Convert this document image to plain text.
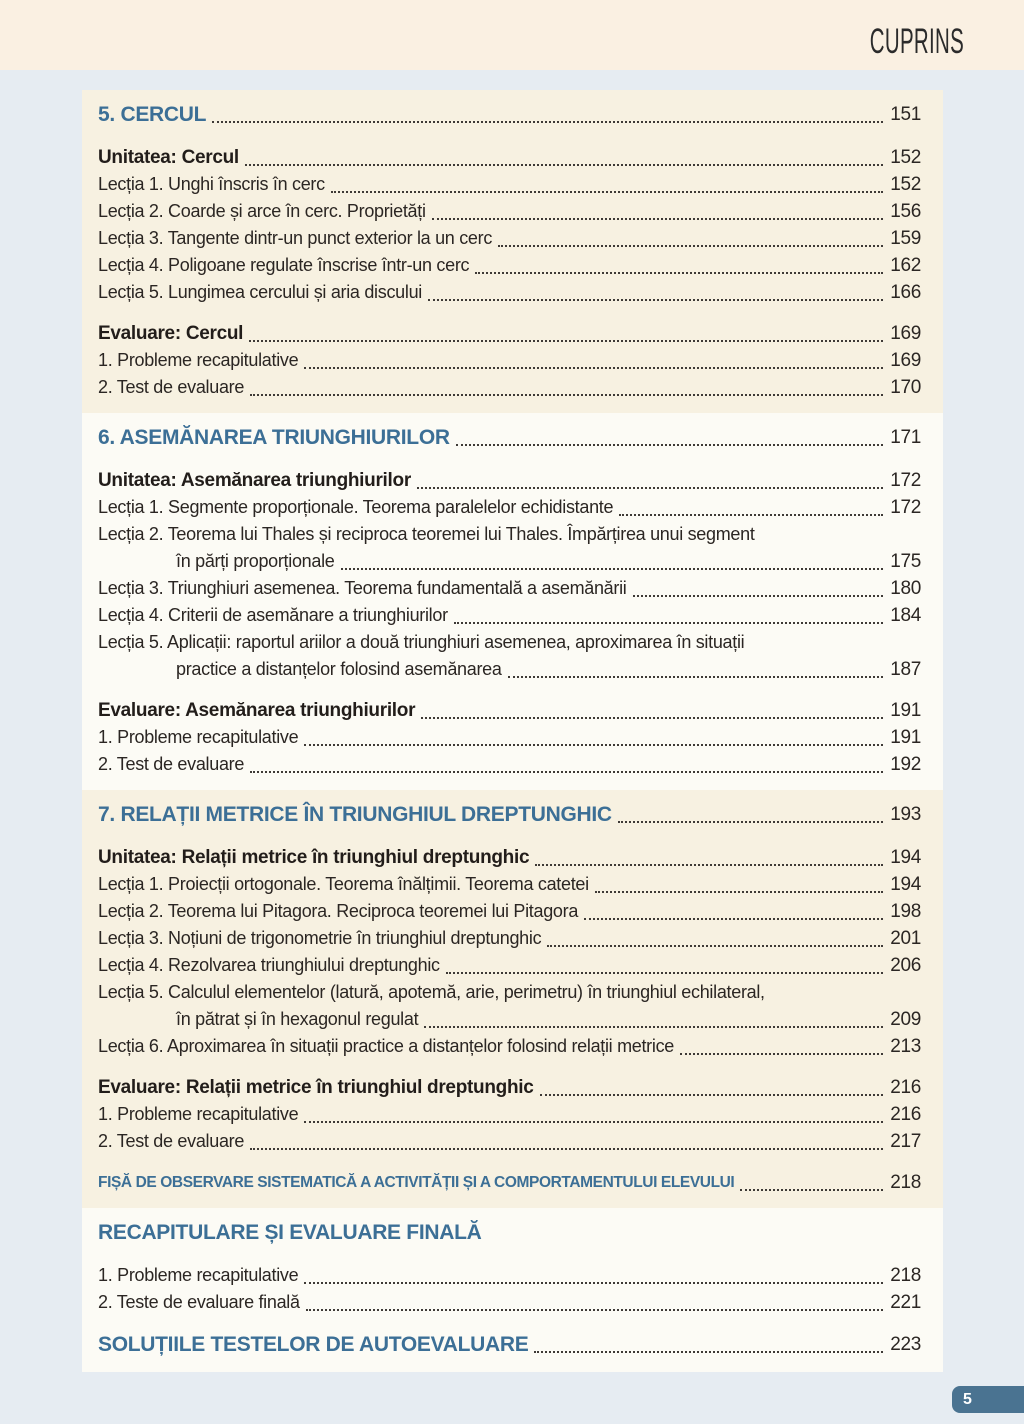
CUPRINS
5. CERCUL	151
Unitatea: Cercul	152
Lecția 1. Unghi înscris în cerc	152
Lecția 2. Coarde și arce în cerc. Proprietăți	156
Lecția 3. Tangente dintr-un punct exterior la un cerc	159
Lecția 4. Poligoane regulate înscrise într-un cerc	162
Lecția 5. Lungimea cercului și aria discului	166
Evaluare: Cercul	169
1. Probleme recapitulative	169
2. Test de evaluare	170
6. ASEMĂNAREA TRIUNGHIURILOR	171
Unitatea: Asemănarea triunghiurilor	172
Lecția 1. Segmente proporționale. Teorema paralelelor echidistante	172
Lecția 2. Teorema lui Thales și reciproca teoremei lui Thales. Împărțirea unui segment
în părți proporționale	175
Lecția 3. Triunghiuri asemenea. Teorema fundamentală a asemănării	180
Lecția 4. Criterii de asemănare a triunghiurilor	184
Lecția 5. Aplicații: raportul ariilor a două triunghiuri asemenea, aproximarea în situații
practice a distanțelor folosind asemănarea	187
Evaluare: Asemănarea triunghiurilor	191
1. Probleme recapitulative	191
2. Test de evaluare	192
7. RELAȚII METRICE ÎN TRIUNGHIUL DREPTUNGHIC	193
Unitatea: Relații metrice în triunghiul dreptunghic	194
Lecția 1. Proiecții ortogonale. Teorema înălțimii. Teorema catetei	194
Lecția 2. Teorema lui Pitagora. Reciproca teoremei lui Pitagora	198
Lecția 3. Noțiuni de trigonometrie în triunghiul dreptunghic	201
Lecția 4. Rezolvarea triunghiului dreptunghic	206
Lecția 5. Calculul elementelor (latură, apotemă, arie, perimetru) în triunghiul echilateral,
în pătrat și în hexagonul regulat	209
Lecția 6. Aproximarea în situații practice a distanțelor folosind relații metrice	213
Evaluare: Relații metrice în triunghiul dreptunghic	216
1. Probleme recapitulative	216
2. Test de evaluare	217
FIȘĂ DE OBSERVARE SISTEMATICĂ A ACTIVITĂȚII ȘI A COMPORTAMENTULUI ELEVULUI	218
RECAPITULARE ȘI EVALUARE FINALĂ
1. Probleme recapitulative	218
2. Teste de evaluare finală	221
SOLUȚIILE TESTELOR DE AUTOEVALUARE	223
5
